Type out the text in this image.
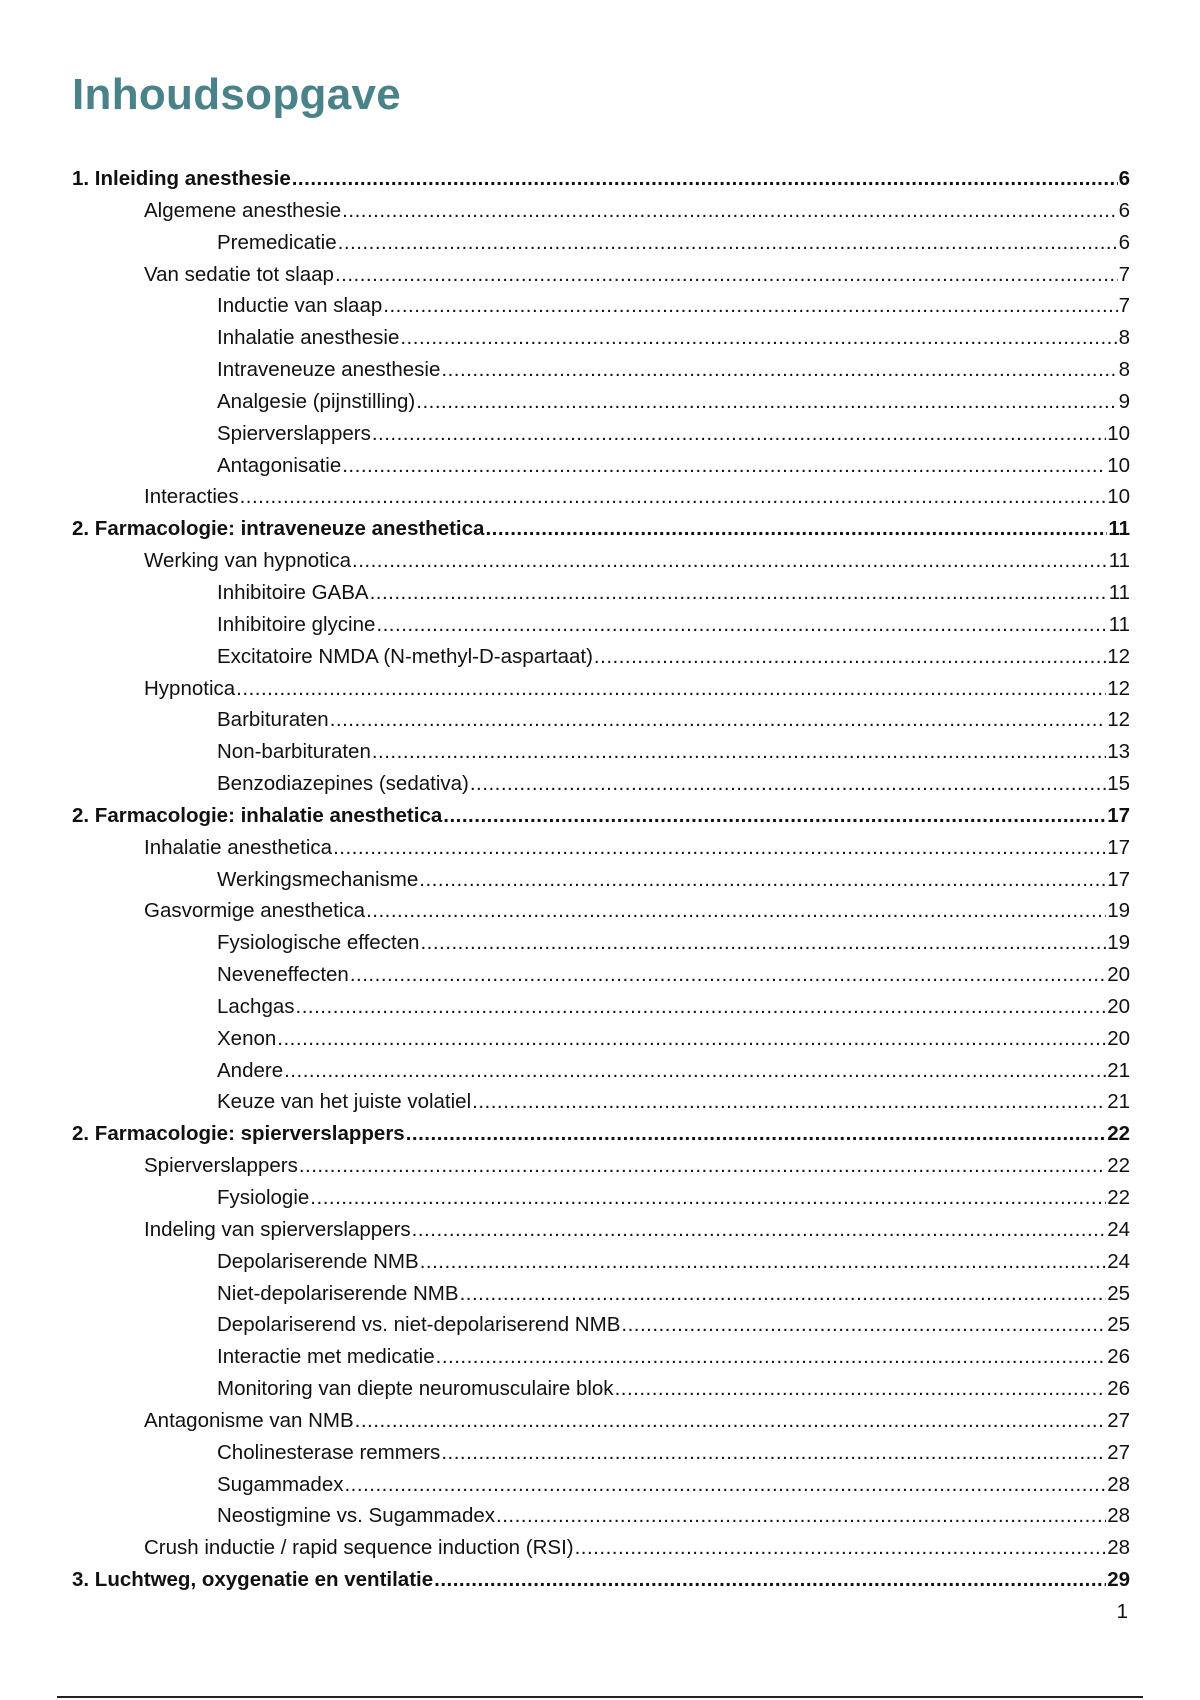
Inhoudsopgave
1. Inleiding anesthesie .....	6
Algemene anesthesie .....	6
Premedicatie .....	6
Van sedatie tot slaap .....	7
Inductie van slaap .....	7
Inhalatie anesthesie .....	8
Intraveneuze anesthesie .....	8
Analgesie (pijnstilling) .....	9
Spierverslappers .....	10
Antagonisatie .....	10
Interacties .....	10
2. Farmacologie: intraveneuze anesthetica .....	11
Werking van hypnotica .....	11
Inhibitoire GABA .....	11
Inhibitoire glycine .....	11
Excitatoire NMDA (N-methyl-D-aspartaat) .....	12
Hypnotica .....	12
Barbituraten .....	12
Non-barbituraten .....	13
Benzodiazepines (sedativa) .....	15
2. Farmacologie: inhalatie anesthetica .....	17
Inhalatie anesthetica .....	17
Werkingsmechanisme .....	17
Gasvormige anesthetica .....	19
Fysiologische effecten .....	19
Neveneffecten .....	20
Lachgas .....	20
Xenon .....	20
Andere .....	21
Keuze van het juiste volatiel .....	21
2. Farmacologie: spierverslappers .....	22
Spierverslappers .....	22
Fysiologie .....	22
Indeling van spierverslappers .....	24
Depolariserende NMB .....	24
Niet-depolariserende NMB .....	25
Depolariserend vs. niet-depolariserend NMB .....	25
Interactie met medicatie .....	26
Monitoring van diepte neuromusculaire blok .....	26
Antagonisme van NMB .....	27
Cholinesterase remmers .....	27
Sugammadex .....	28
Neostigmine vs. Sugammadex .....	28
Crush inductie / rapid sequence induction (RSI) .....	28
3. Luchtweg, oxygenatie en ventilatie .....	29
1
